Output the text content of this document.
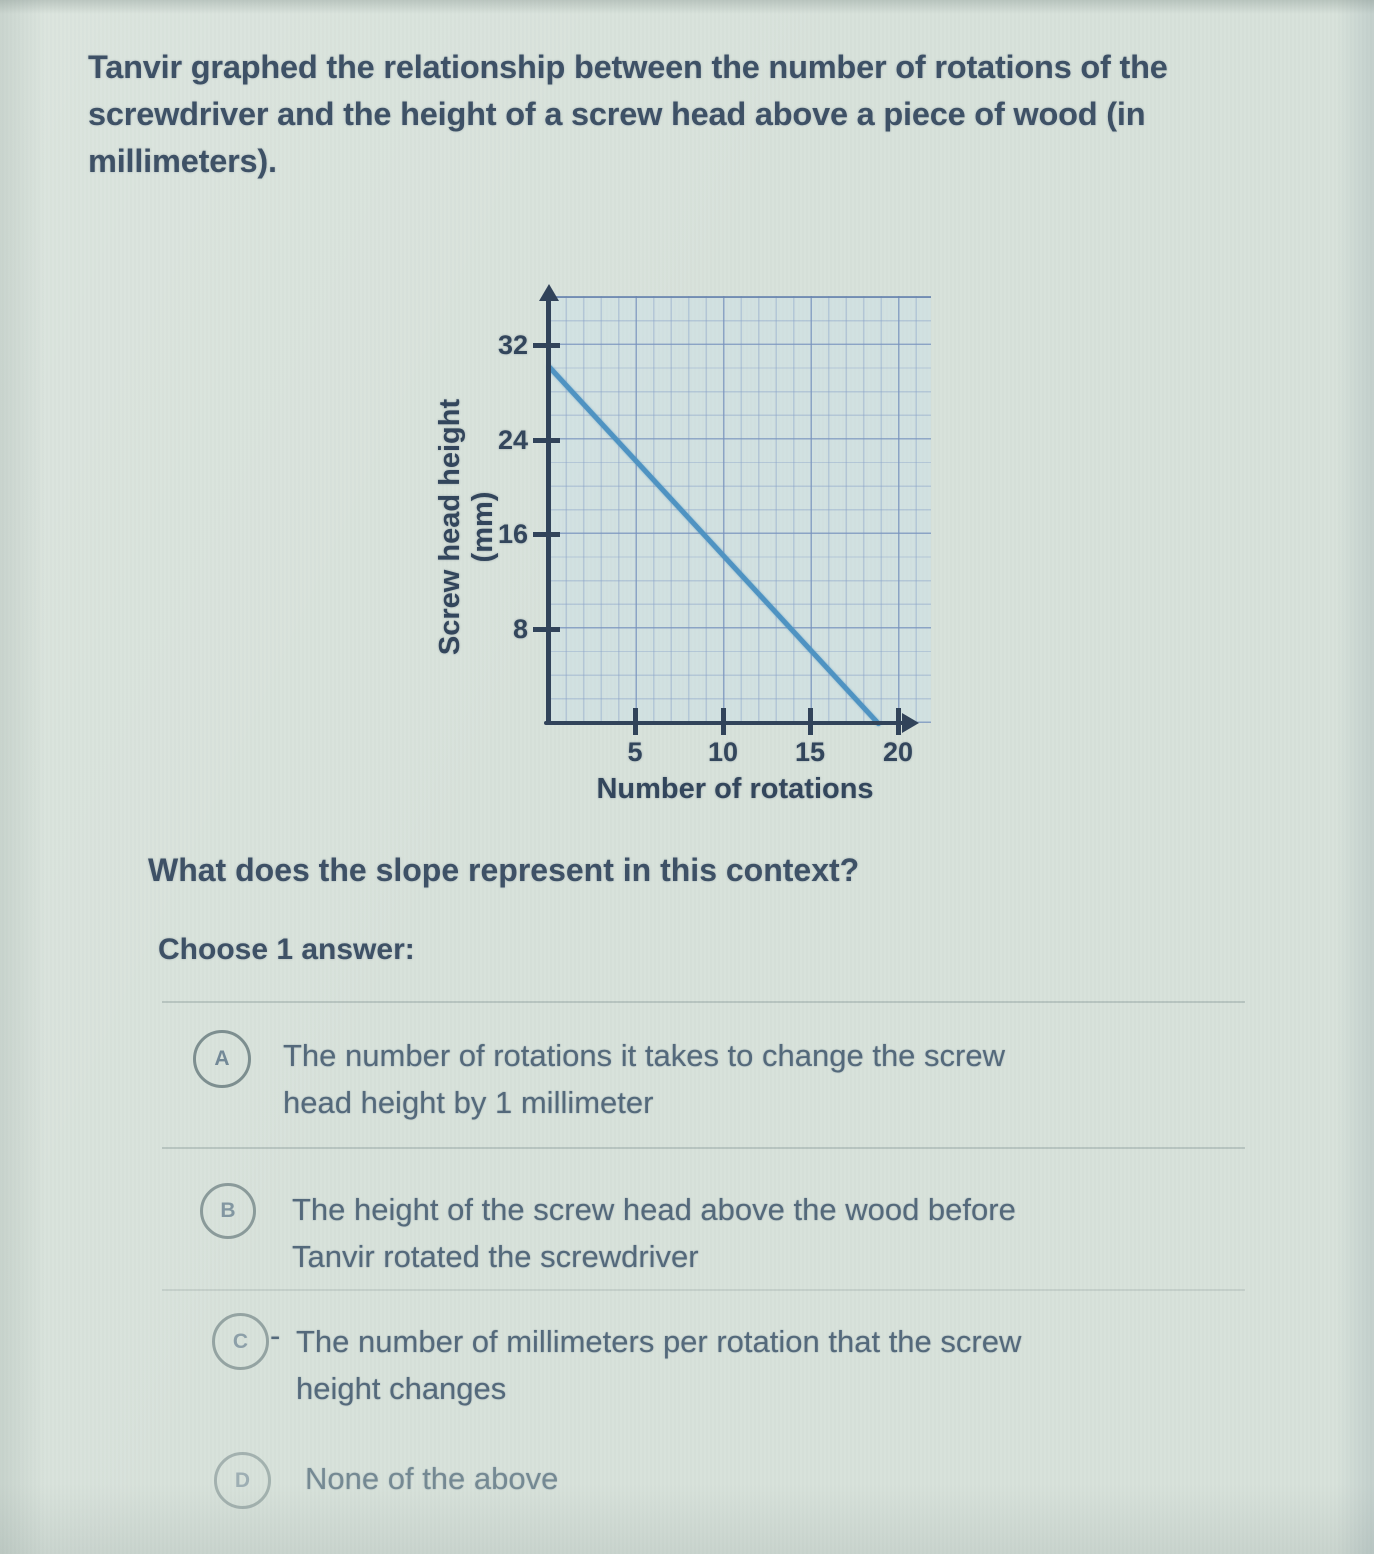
Tanvir graphed the relationship between the number of rotations of the
screwdriver and the height of a screw head above a piece of wood (in
millimeters).
Screw head height (mm)
32
24
16
8
5	10	15	20
Number of rotations
What does the slope represent in this context?
Choose 1 answer:
A The number of rotations it takes to change the screw
head height by 1 millimeter
B The height of the screw head above the wood before
Tanvir rotated the screwdriver
C - The number of millimeters per rotation that the screw
height changes
D None of the above
